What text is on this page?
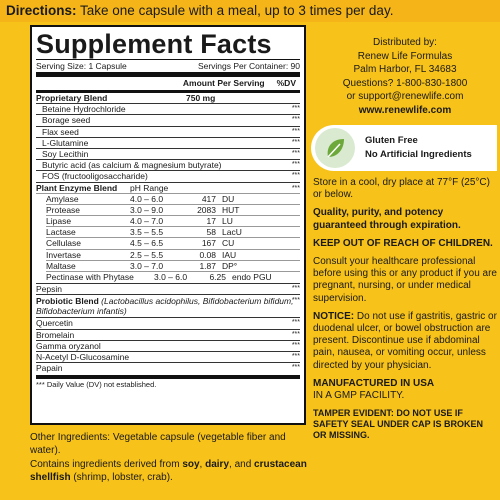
Directions: Take one capsule with a meal, up to 3 times per day.
Supplement Facts
Serving Size: 1 Capsule	Servings Per Container: 90
Amount Per Serving %DV
Proprietary Blend	750 mg
Betaine Hydrochloride	***
Borage seed	***
Flax seed	***
L-Glutamine	***
Soy Lecithin	***
Butyric acid (as calcium & magnesium butyrate)	***
FOS (fructooligosaccharide)	***
Plant Enzyme Blend pH Range	***
Amylase	4.0 – 6.0	417 DU
Protease	3.0 – 9.0	2083 HUT
Lipase	4.0 – 7.0	17 LU
Lactase	3.5 – 5.5	58 LacU
Cellulase	4.5 – 6.5	167 CU
Invertase	2.5 – 5.5	0.08 IAU
Maltase	3.0 – 7.0	1.87 DP°
Pectinase with Phytase 3.0 – 6.0	6.25 endo PGU
Pepsin	***
Probiotic Blend (Lactobacillus acidophilus, Bifidobacterium bifidum, Bifidobacterium infantis)
***
Quercetin	***
Bromelain	***
Gamma oryzanol	***
N-Acetyl D-Glucosamine	***
Papain	***
*** Daily Value (DV) not established.
Other Ingredients: Vegetable capsule (vegetable fiber and water).
Contains ingredients derived from soy, dairy, and crustacean shellfish (shrimp, lobster, crab).
Distributed by:
Renew Life Formulas
Palm Harbor, FL 34683
Questions? 1-800-830-1800
or support@renewlife.com
www.renewlife.com
Gluten Free
No Artificial Ingredients

Store in a cool, dry place at 77°F (25°C) or below.

Quality, purity, and potency guaranteed through expiration.

KEEP OUT OF REACH OF CHILDREN.

Consult your healthcare professional before using this or any product if you are pregnant, nursing, or under medical supervision.

NOTICE: Do not use if gastritis, gastric or duodenal ulcer, or bowel obstruction are present. Discontinue use if abdominal pain, nausea, or vomiting occur, unless directed by your physician.

MANUFACTURED IN USA
IN A GMP FACILITY.

TAMPER EVIDENT: DO NOT USE IF SAFETY SEAL UNDER CAP IS BROKEN OR MISSING.
